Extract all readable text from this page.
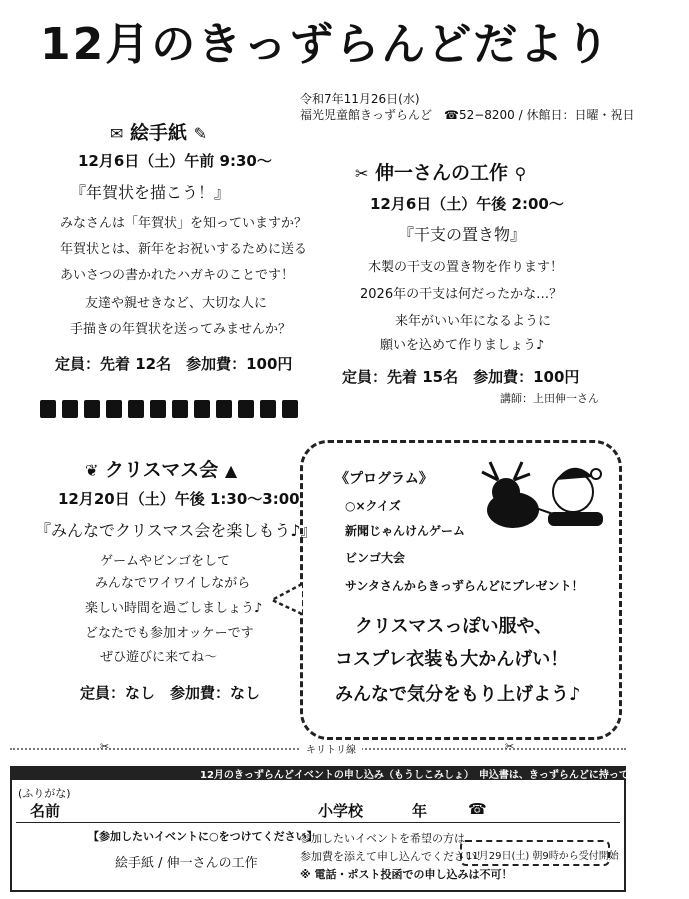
12月のきっずらんどだより
令和7年11月26日(水)
福光児童館きっずらんど　☎52−8200 / 休館日：日曜・祝日
✉ 絵手紙 ✎
12月6日（土）午前 9:30～
『年賀状を描こう！』
みなさんは「年賀状」を知っていますか？
年賀状とは、新年をお祝いするために送る
あいさつの書かれたハガキのことです！
友達や親せきなど、大切な人に
手描きの年賀状を送ってみませんか？
定員：先着 12名　参加費：100円
✂ 伸一さんの工作 ⚲
12月6日（土）午後 2:00～
『干支の置き物』
木製の干支の置き物を作ります！
2026年の干支は何だったかな…？
来年がいい年になるように
願いを込めて作りましょう♪
定員：先着 15名　参加費：100円
講師：上田伸一さん
❦ クリスマス会 ▲
12月20日（土）午後 1:30～3:00
『みんなでクリスマス会を楽しもう♪』
ゲームやビンゴをして
みんなでワイワイしながら
楽しい時間を過ごしましょう♪
どなたでも参加オッケーです
ぜひ遊びに来てね～
定員：なし　参加費：なし
《プログラム》
○×クイズ
新聞じゃんけんゲーム
ビンゴ大会
サンタさんからきっずらんどにプレゼント！
クリスマスっぽい服や、
コスプレ衣装も大かんげい！
みんなで気分をもり上げよう♪
キリトリ線
✂	✂
12月のきっずらんどイベントの申し込み（もうしこみしょ）　申込書は、きっずらんどに持ってきてください
(ふりがな)
名前	小学校	年	☎
【参加したいイベントに○をつけてください】
絵手紙 / 伸一さんの工作
参加したいイベントを希望の方は
参加費を添えて申し込んでください！
※ 電話・ポスト投函での申し込みは不可！
11月29日(土) 朝9時から受付開始
